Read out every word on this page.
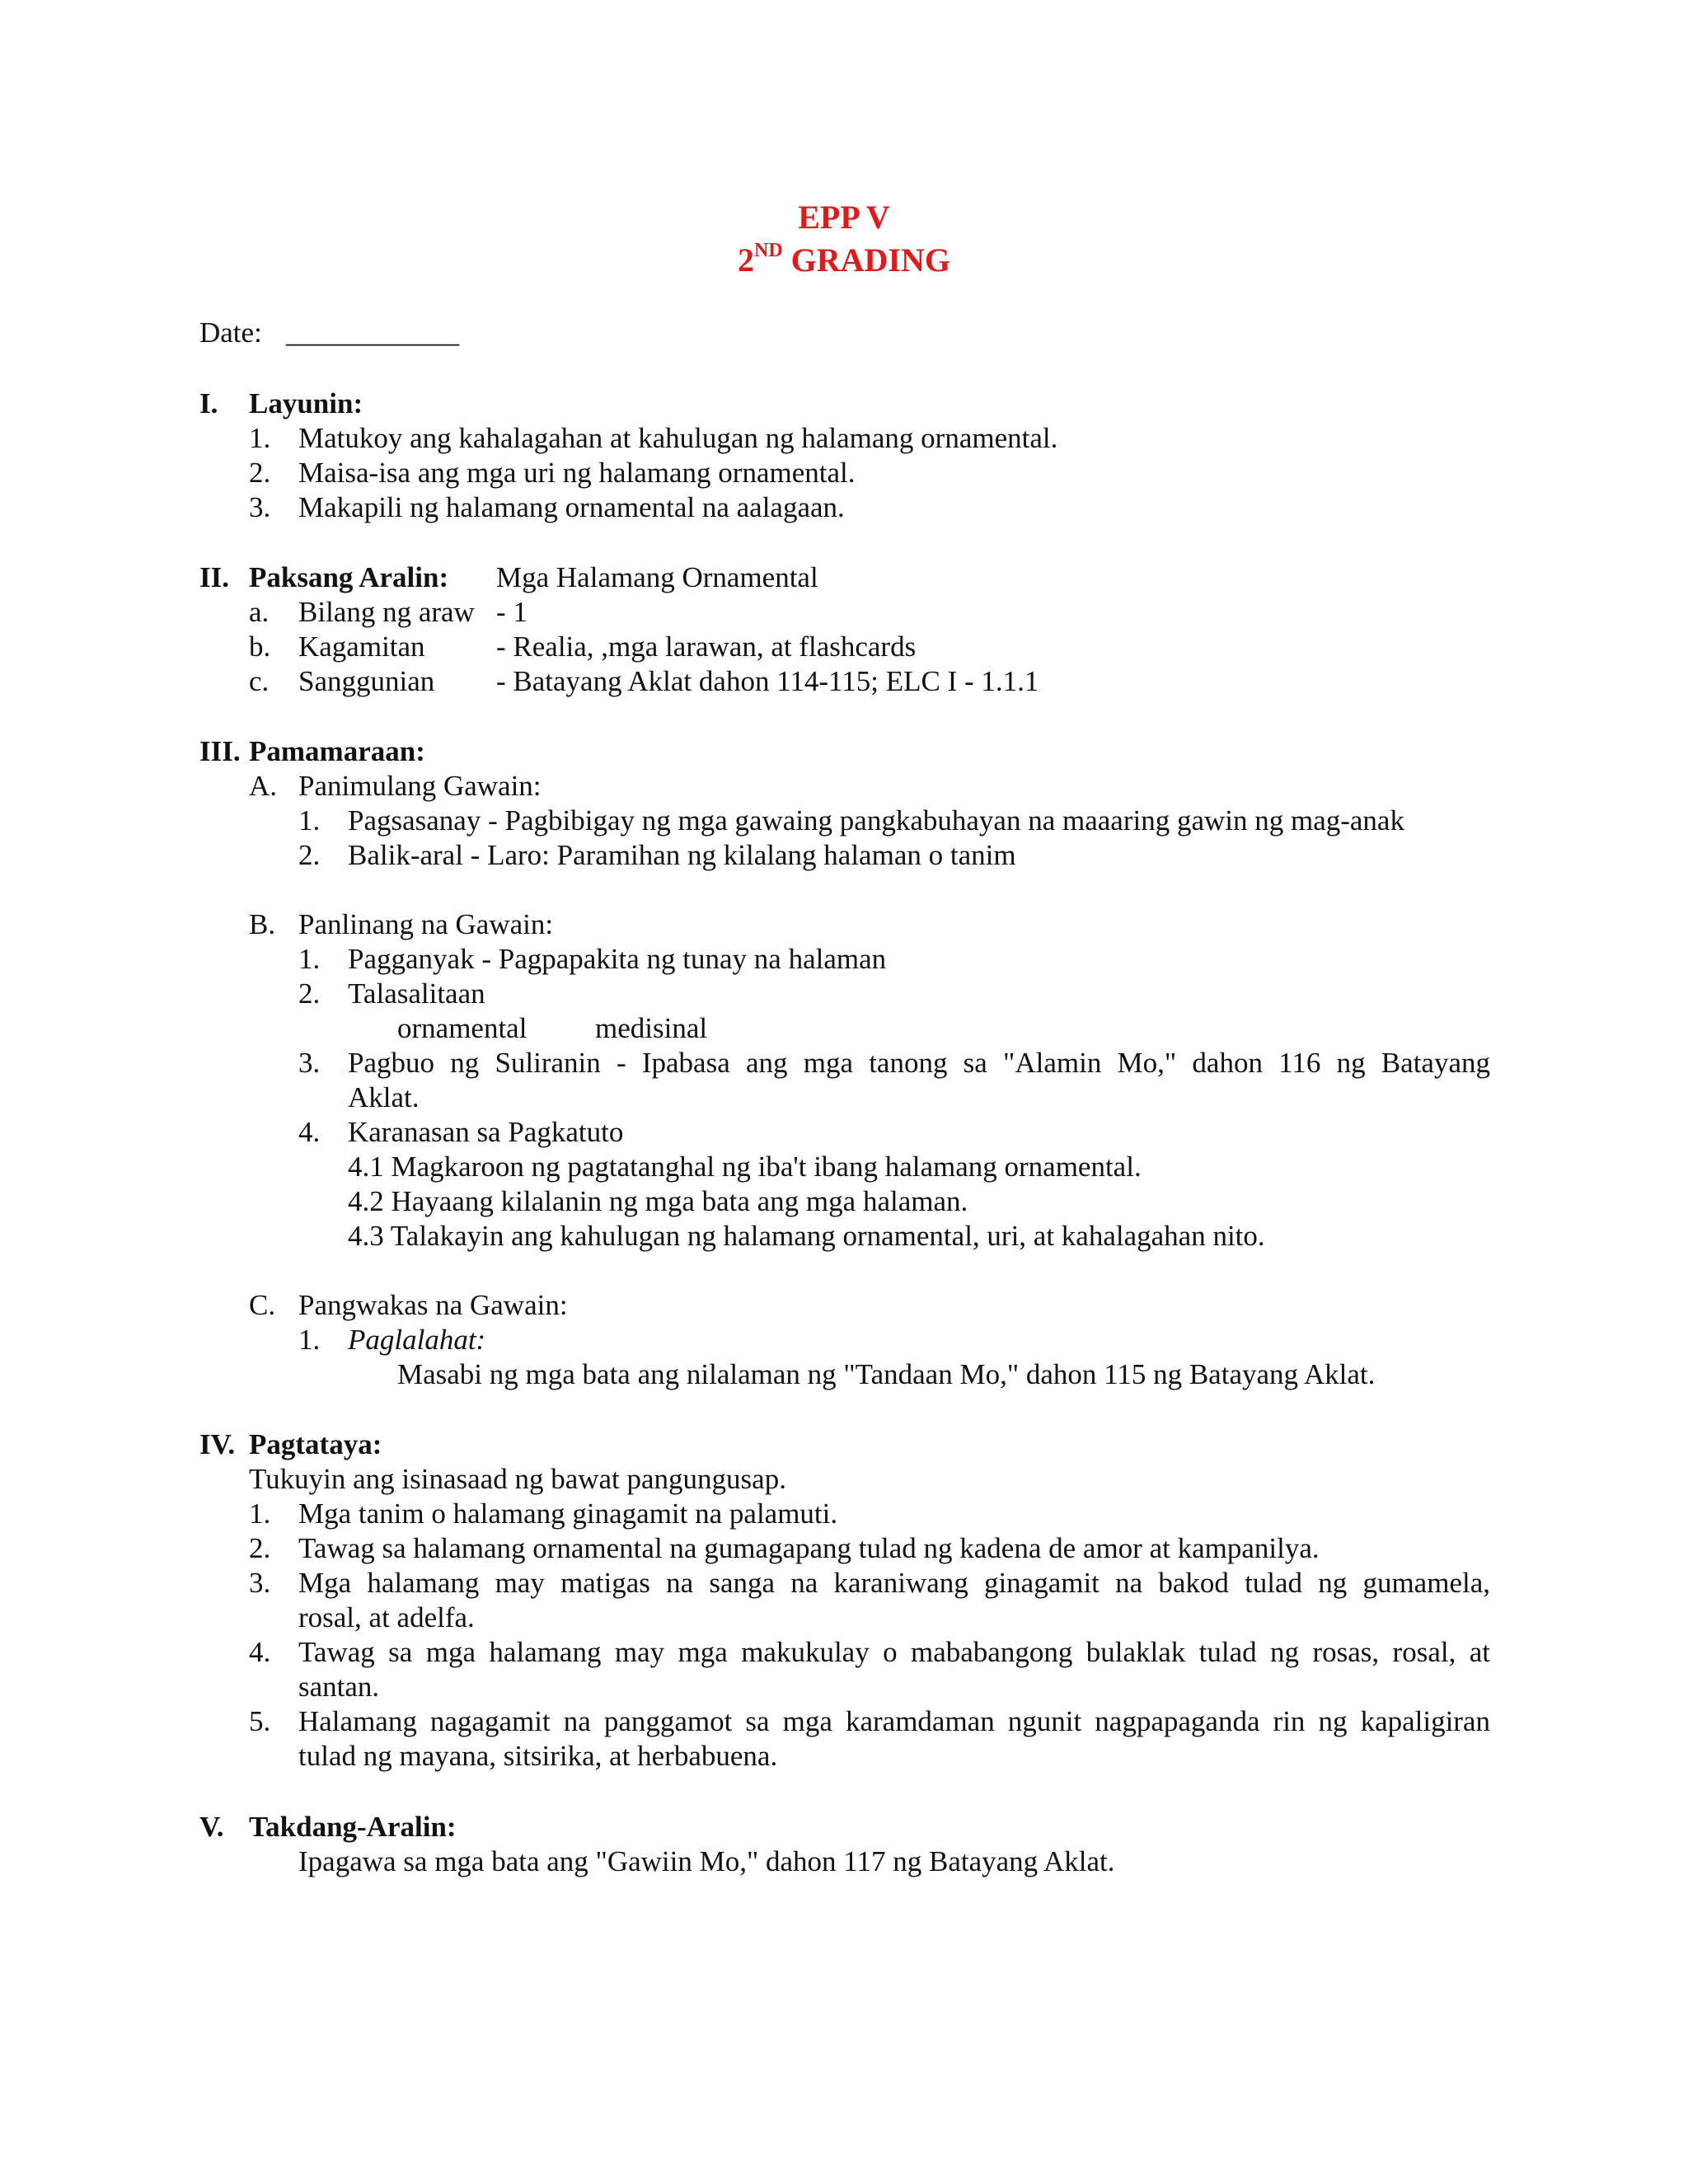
EPP V
2ND GRADING
Date: ____________
I. Layunin:
1. Matukoy ang kahalagahan at kahulugan ng halamang ornamental.
2. Maisa-isa ang mga uri ng halamang ornamental.
3. Makapili ng halamang ornamental na aalagaan.
II. Paksang Aralin: Mga Halamang Ornamental
a. Bilang ng araw - 1
b. Kagamitan - Realia, ,mga larawan, at flashcards
c. Sanggunian - Batayang Aklat dahon 114-115; ELC I - 1.1.1
III. Pamamaraan:
A. Panimulang Gawain:
1. Pagsasanay - Pagbibigay ng mga gawaing pangkabuhayan na maaaring gawin ng mag-anak
2. Balik-aral - Laro: Paramihan ng kilalang halaman o tanim
B. Panlinang na Gawain:
1. Pagganyak - Pagpapakita ng tunay na halaman
2. Talasalitaan
ornamental medisinal
3. Pagbuo ng Suliranin - Ipabasa ang mga tanong sa "Alamin Mo," dahon 116 ng Batayang
Aklat.
4. Karanasan sa Pagkatuto
4.1 Magkaroon ng pagtatanghal ng iba't ibang halamang ornamental.
4.2 Hayaang kilalanin ng mga bata ang mga halaman.
4.3 Talakayin ang kahulugan ng halamang ornamental, uri, at kahalagahan nito.
C. Pangwakas na Gawain:
1. Paglalahat:
Masabi ng mga bata ang nilalaman ng "Tandaan Mo," dahon 115 ng Batayang Aklat.
IV. Pagtataya:
Tukuyin ang isinasaad ng bawat pangungusap.
1. Mga tanim o halamang ginagamit na palamuti.
2. Tawag sa halamang ornamental na gumagapang tulad ng kadena de amor at kampanilya.
3. Mga halamang may matigas na sanga na karaniwang ginagamit na bakod tulad ng gumamela,
rosal, at adelfa.
4. Tawag sa mga halamang may mga makukulay o mababangong bulaklak tulad ng rosas, rosal, at
santan.
5. Halamang nagagamit na panggamot sa mga karamdaman ngunit nagpapaganda rin ng kapaligiran
tulad ng mayana, sitsirika, at herbabuena.
V. Takdang-Aralin:
Ipagawa sa mga bata ang "Gawiin Mo," dahon 117 ng Batayang Aklat.
